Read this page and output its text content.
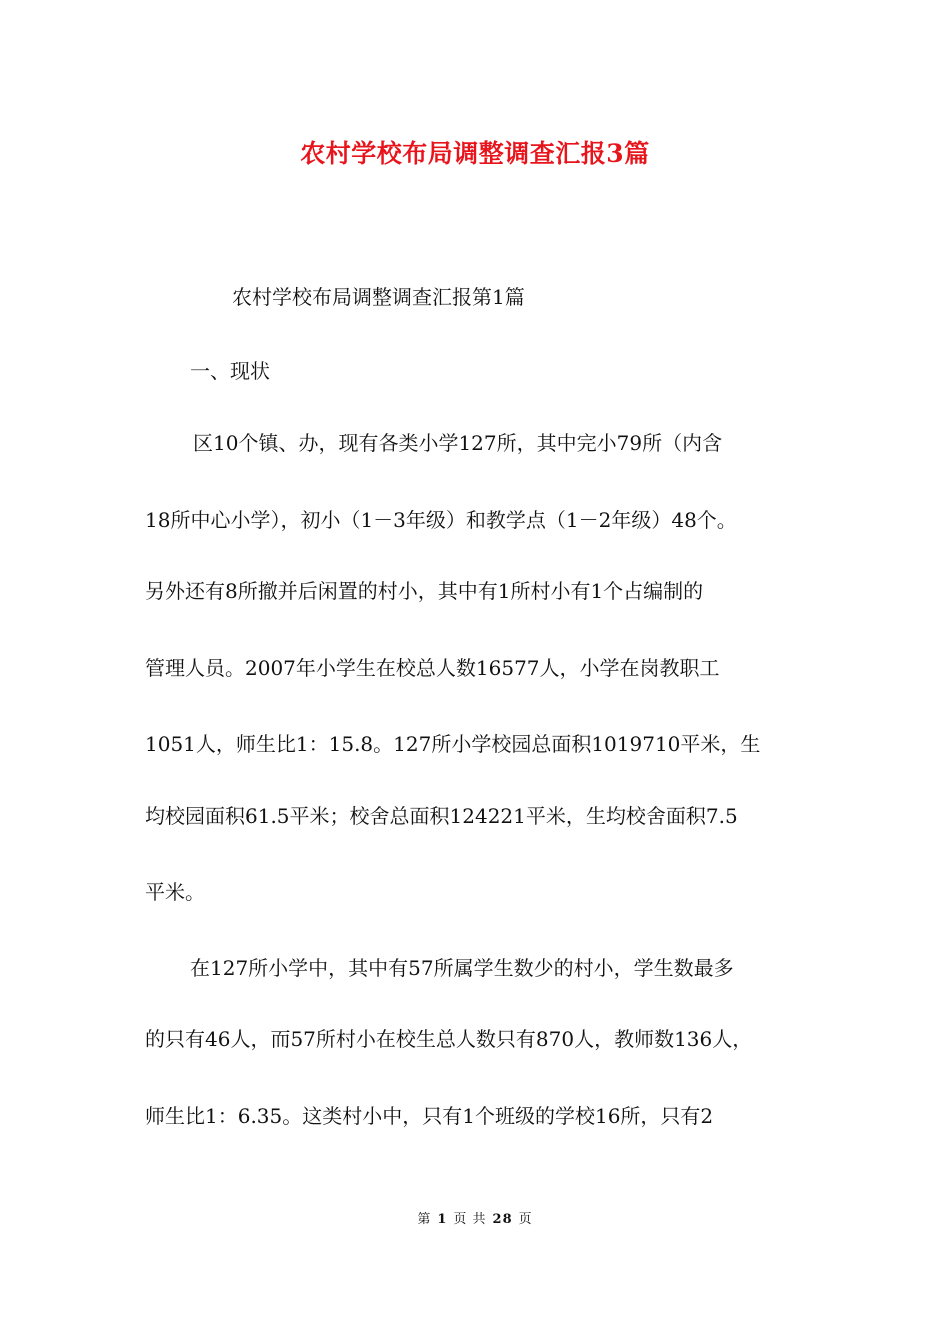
农村学校布局调整调查汇报3篇
农村学校布局调整调查汇报第1篇
一、现状
区10个镇、办，现有各类小学127所，其中完小79所（内含
18所中心小学），初小（1－3年级）和教学点（1－2年级）48个。
另外还有8所撤并后闲置的村小，其中有1所村小有1个占编制的
管理人员。2007年小学生在校总人数16577人，小学在岗教职工
1051人，师生比1：15.8。127所小学校园总面积1019710平米，生
均校园面积61.5平米；校舍总面积124221平米，生均校舍面积7.5
平米。
在127所小学中，其中有57所属学生数少的村小，学生数最多
的只有46人，而57所村小在校生总人数只有870人，教师数136人，
师生比1：6.35。这类村小中，只有1个班级的学校16所，只有2
第 1 页 共 28 页
